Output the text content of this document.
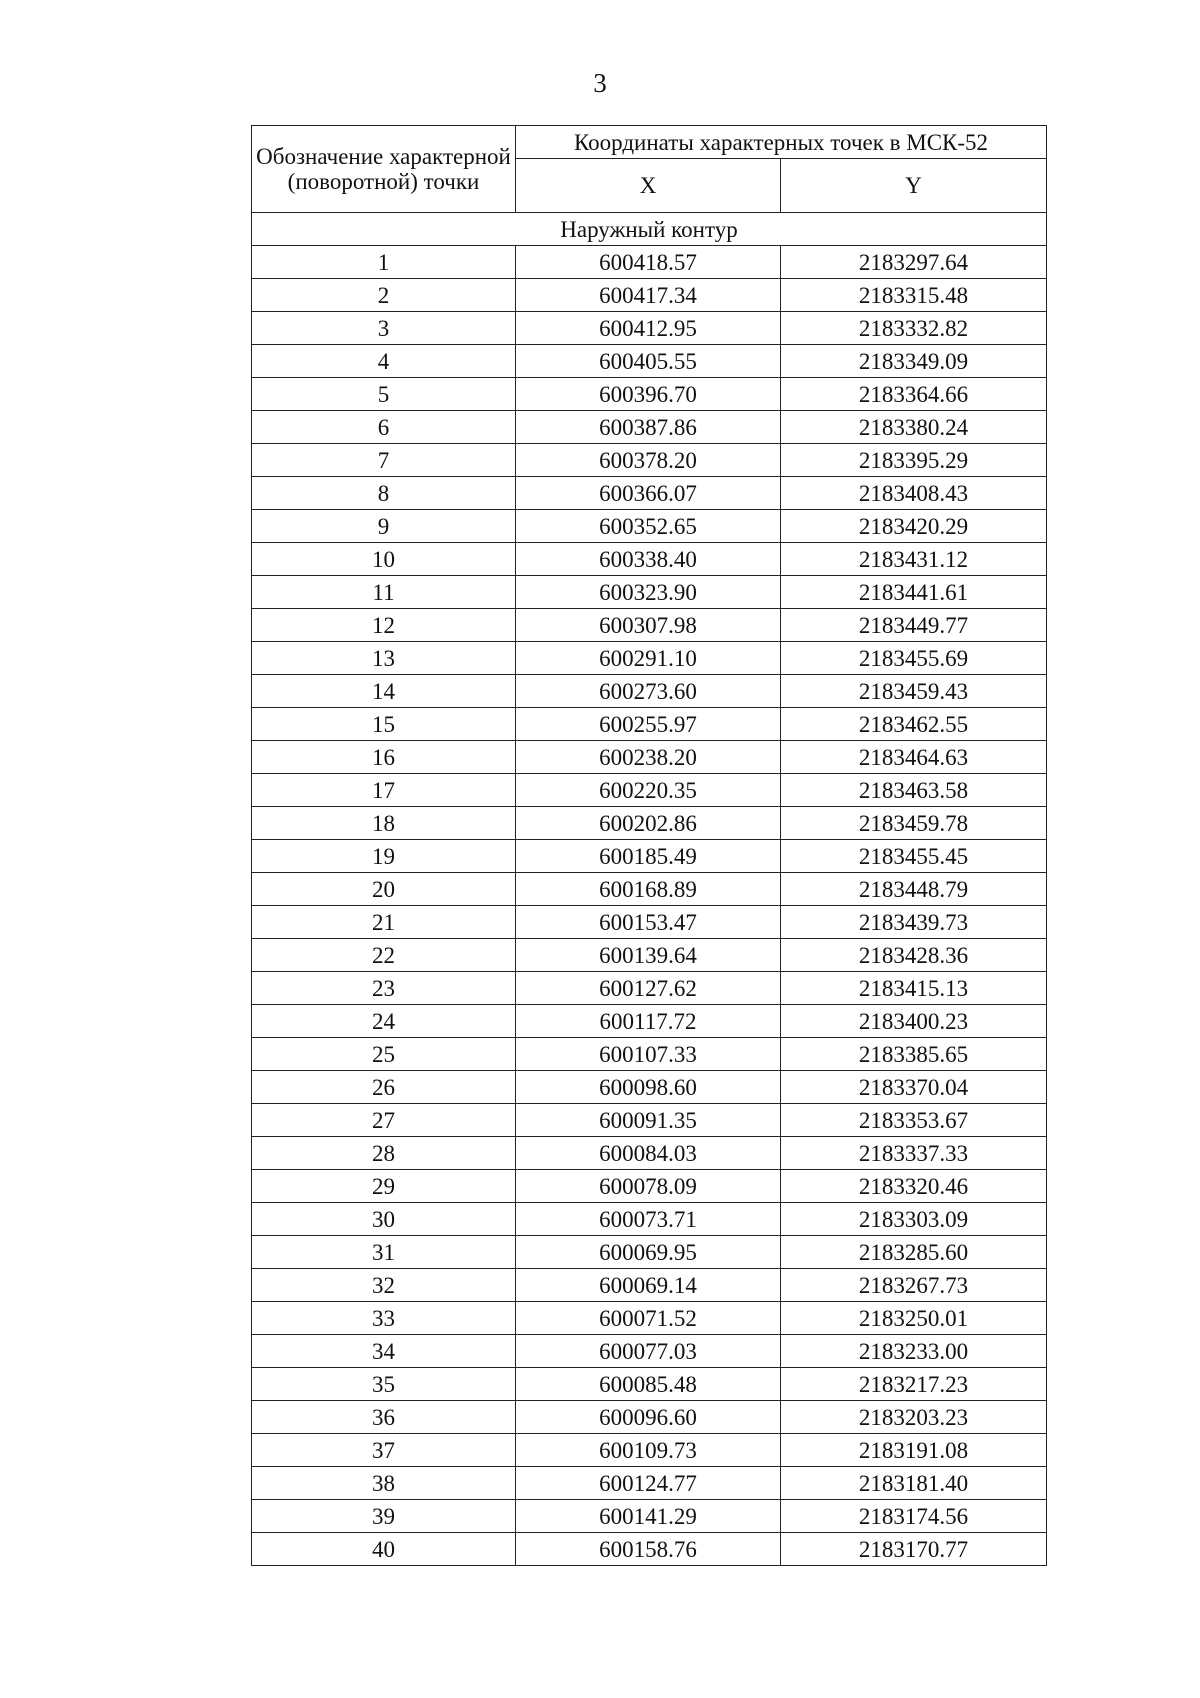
3
Обозначение характерной (поворотной) точки	Координаты характерных точек в МСК-52	
	X	Y
Наружный контур		
1	600418.57	2183297.64
2	600417.34	2183315.48
3	600412.95	2183332.82
4	600405.55	2183349.09
5	600396.70	2183364.66
6	600387.86	2183380.24
7	600378.20	2183395.29
8	600366.07	2183408.43
9	600352.65	2183420.29
10	600338.40	2183431.12
11	600323.90	2183441.61
12	600307.98	2183449.77
13	600291.10	2183455.69
14	600273.60	2183459.43
15	600255.97	2183462.55
16	600238.20	2183464.63
17	600220.35	2183463.58
18	600202.86	2183459.78
19	600185.49	2183455.45
20	600168.89	2183448.79
21	600153.47	2183439.73
22	600139.64	2183428.36
23	600127.62	2183415.13
24	600117.72	2183400.23
25	600107.33	2183385.65
26	600098.60	2183370.04
27	600091.35	2183353.67
28	600084.03	2183337.33
29	600078.09	2183320.46
30	600073.71	2183303.09
31	600069.95	2183285.60
32	600069.14	2183267.73
33	600071.52	2183250.01
34	600077.03	2183233.00
35	600085.48	2183217.23
36	600096.60	2183203.23
37	600109.73	2183191.08
38	600124.77	2183181.40
39	600141.29	2183174.56
40	600158.76	2183170.77
